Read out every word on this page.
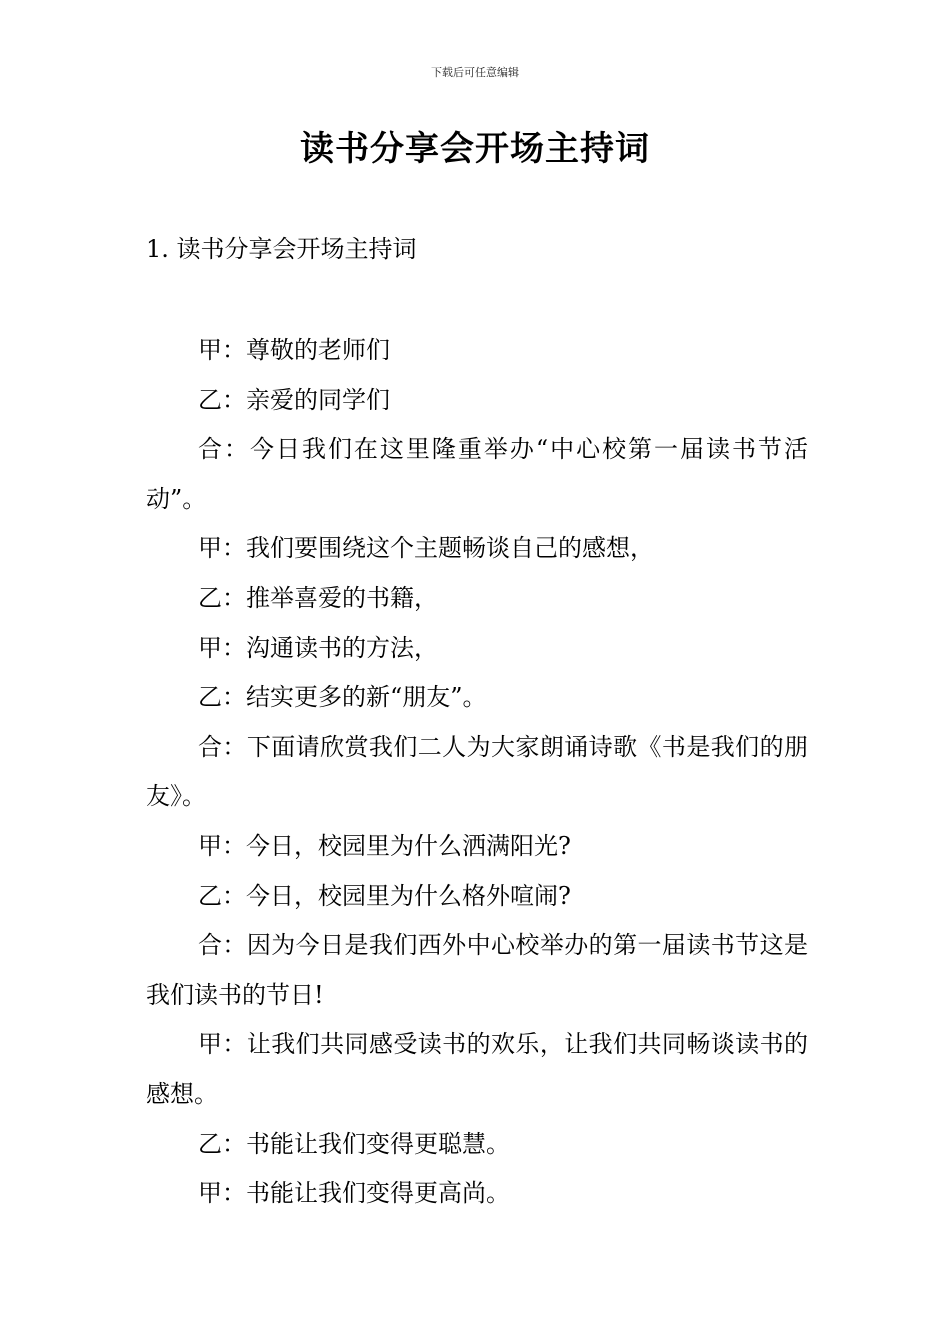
下载后可任意编辑
读书分享会开场主持词
1. 读书分享会开场主持词

甲：尊敬的老师们

乙：亲爱的同学们

合：今日我们在这里隆重举办“中心校第一届读书节活动”。

甲：我们要围绕这个主题畅谈自己的感想，

乙：推举喜爱的书籍，

甲：沟通读书的方法，

乙：结实更多的新“朋友”。

合：下面请欣赏我们二人为大家朗诵诗歌《书是我们的朋友》。

甲：今日，校园里为什么洒满阳光?

乙：今日，校园里为什么格外喧闹?

合：因为今日是我们西外中心校举办的第一届读书节这是我们读书的节日!

甲：让我们共同感受读书的欢乐，让我们共同畅谈读书的感想。

乙：书能让我们变得更聪慧。

甲：书能让我们变得更高尚。
